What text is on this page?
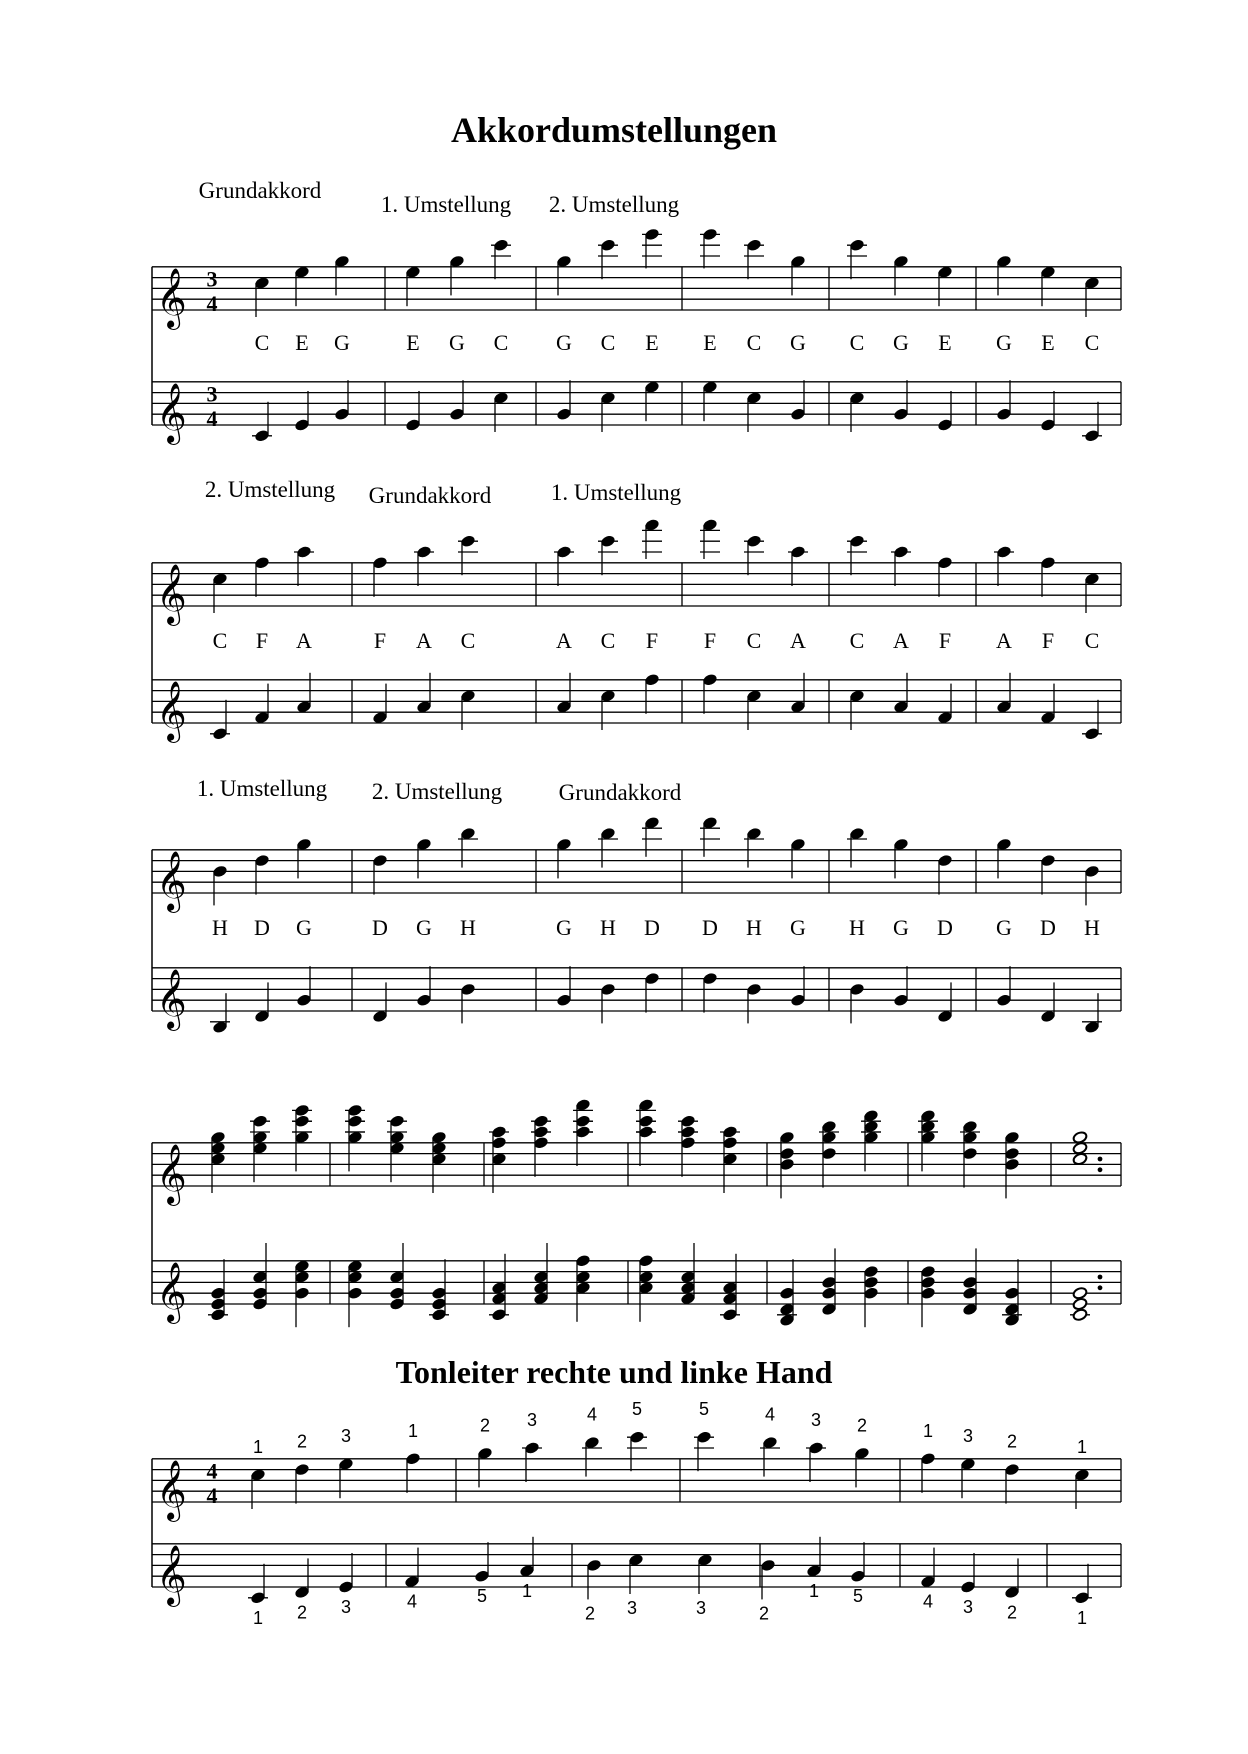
Akkordumstellungen
Tonleiter rechte und linke Hand
Grundakkord
1. Umstellung 2. Umstellung
𝄞
𝄞
3
4
3
4
C E G	E G C G C E E C G C G E G E C
2. Umstellung Grundakkord	1. Umstellung
𝄞
𝄞
C F A	F A C	A C F F C A C A F A F C
1. Umstellung 2. Umstellung Grundakkord
𝄞
𝄞
H D G	D G H	G H D D H G H G D G D H
𝄞
𝄞
𝄞
𝄞
4
4
1 2 3	1	2 3	4 5	5	4 3 2	1 3 2	1
1 2 3	4	5 1
2 3	3	2
1 5	4 3 2	1
